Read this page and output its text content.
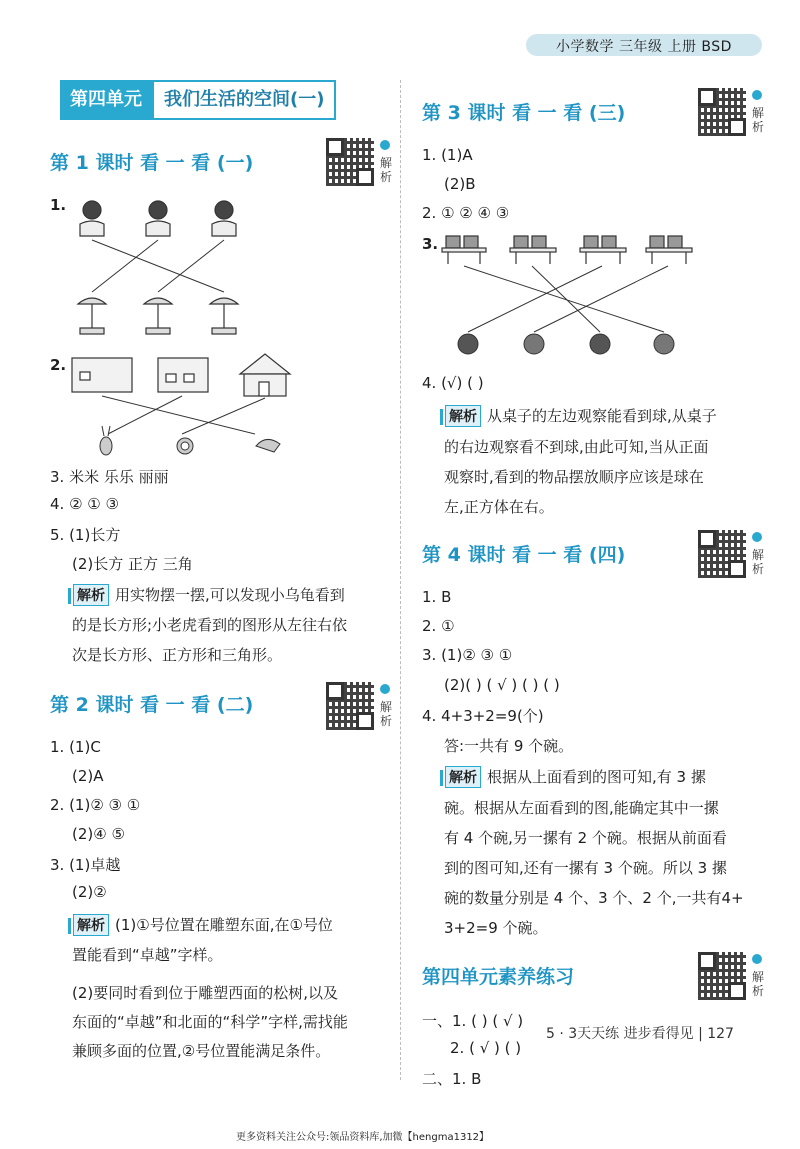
小学数学 三年级 上册 BSD
第四单元	我们生活的空间(一)
第 1 课时 看 一 看 (一)	解析
1.
2.
3. 米米 乐乐 丽丽
4. ② ① ③
5. (1)长方
(2)长方 正方 三角
解析 用实物摆一摆,可以发现小乌龟看到
的是长方形;小老虎看到的图形从左往右依
次是长方形、正方形和三角形。
第 2 课时 看 一 看 (二)	解析
1. (1)C
(2)A
2. (1)② ③ ①
(2)④ ⑤
3. (1)卓越
(2)②
解析 (1)①号位置在雕塑东面,在①号位
置能看到“卓越”字样。
(2)要同时看到位于雕塑西面的松树,以及
东面的“卓越”和北面的“科学”字样,需找能
兼顾多面的位置,②号位置能满足条件。
第 3 课时 看 一 看 (三)	解析
1. (1)A
(2)B
2. ① ② ④ ③
3.
4. (√) ( )
解析 从桌子的左边观察能看到球,从桌子
的右边观察看不到球,由此可知,当从正面
观察时,看到的物品摆放顺序应该是球在
左,正方体在右。
第 4 课时 看 一 看 (四)	解析
1. B
2. ①
3. (1)② ③ ①
(2)( ) ( √ ) ( ) ( )
4. 4+3+2=9(个)
答:一共有 9 个碗。
解析 根据从上面看到的图可知,有 3 摞
碗。根据从左面看到的图,能确定其中一摞
有 4 个碗,另一摞有 2 个碗。根据从前面看
到的图可知,还有一摞有 3 个碗。所以 3 摞
碗的数量分别是 4 个、3 个、2 个,一共有4+
3+2=9 个碗。
第四单元素养练习	解析
一、1. ( ) ( √ )
2. ( √ ) ( )
二、1. B
5 · 3天天练 进步看得见 | 127
更多资料关注公众号:领品资料库,加微【hengma1312】
